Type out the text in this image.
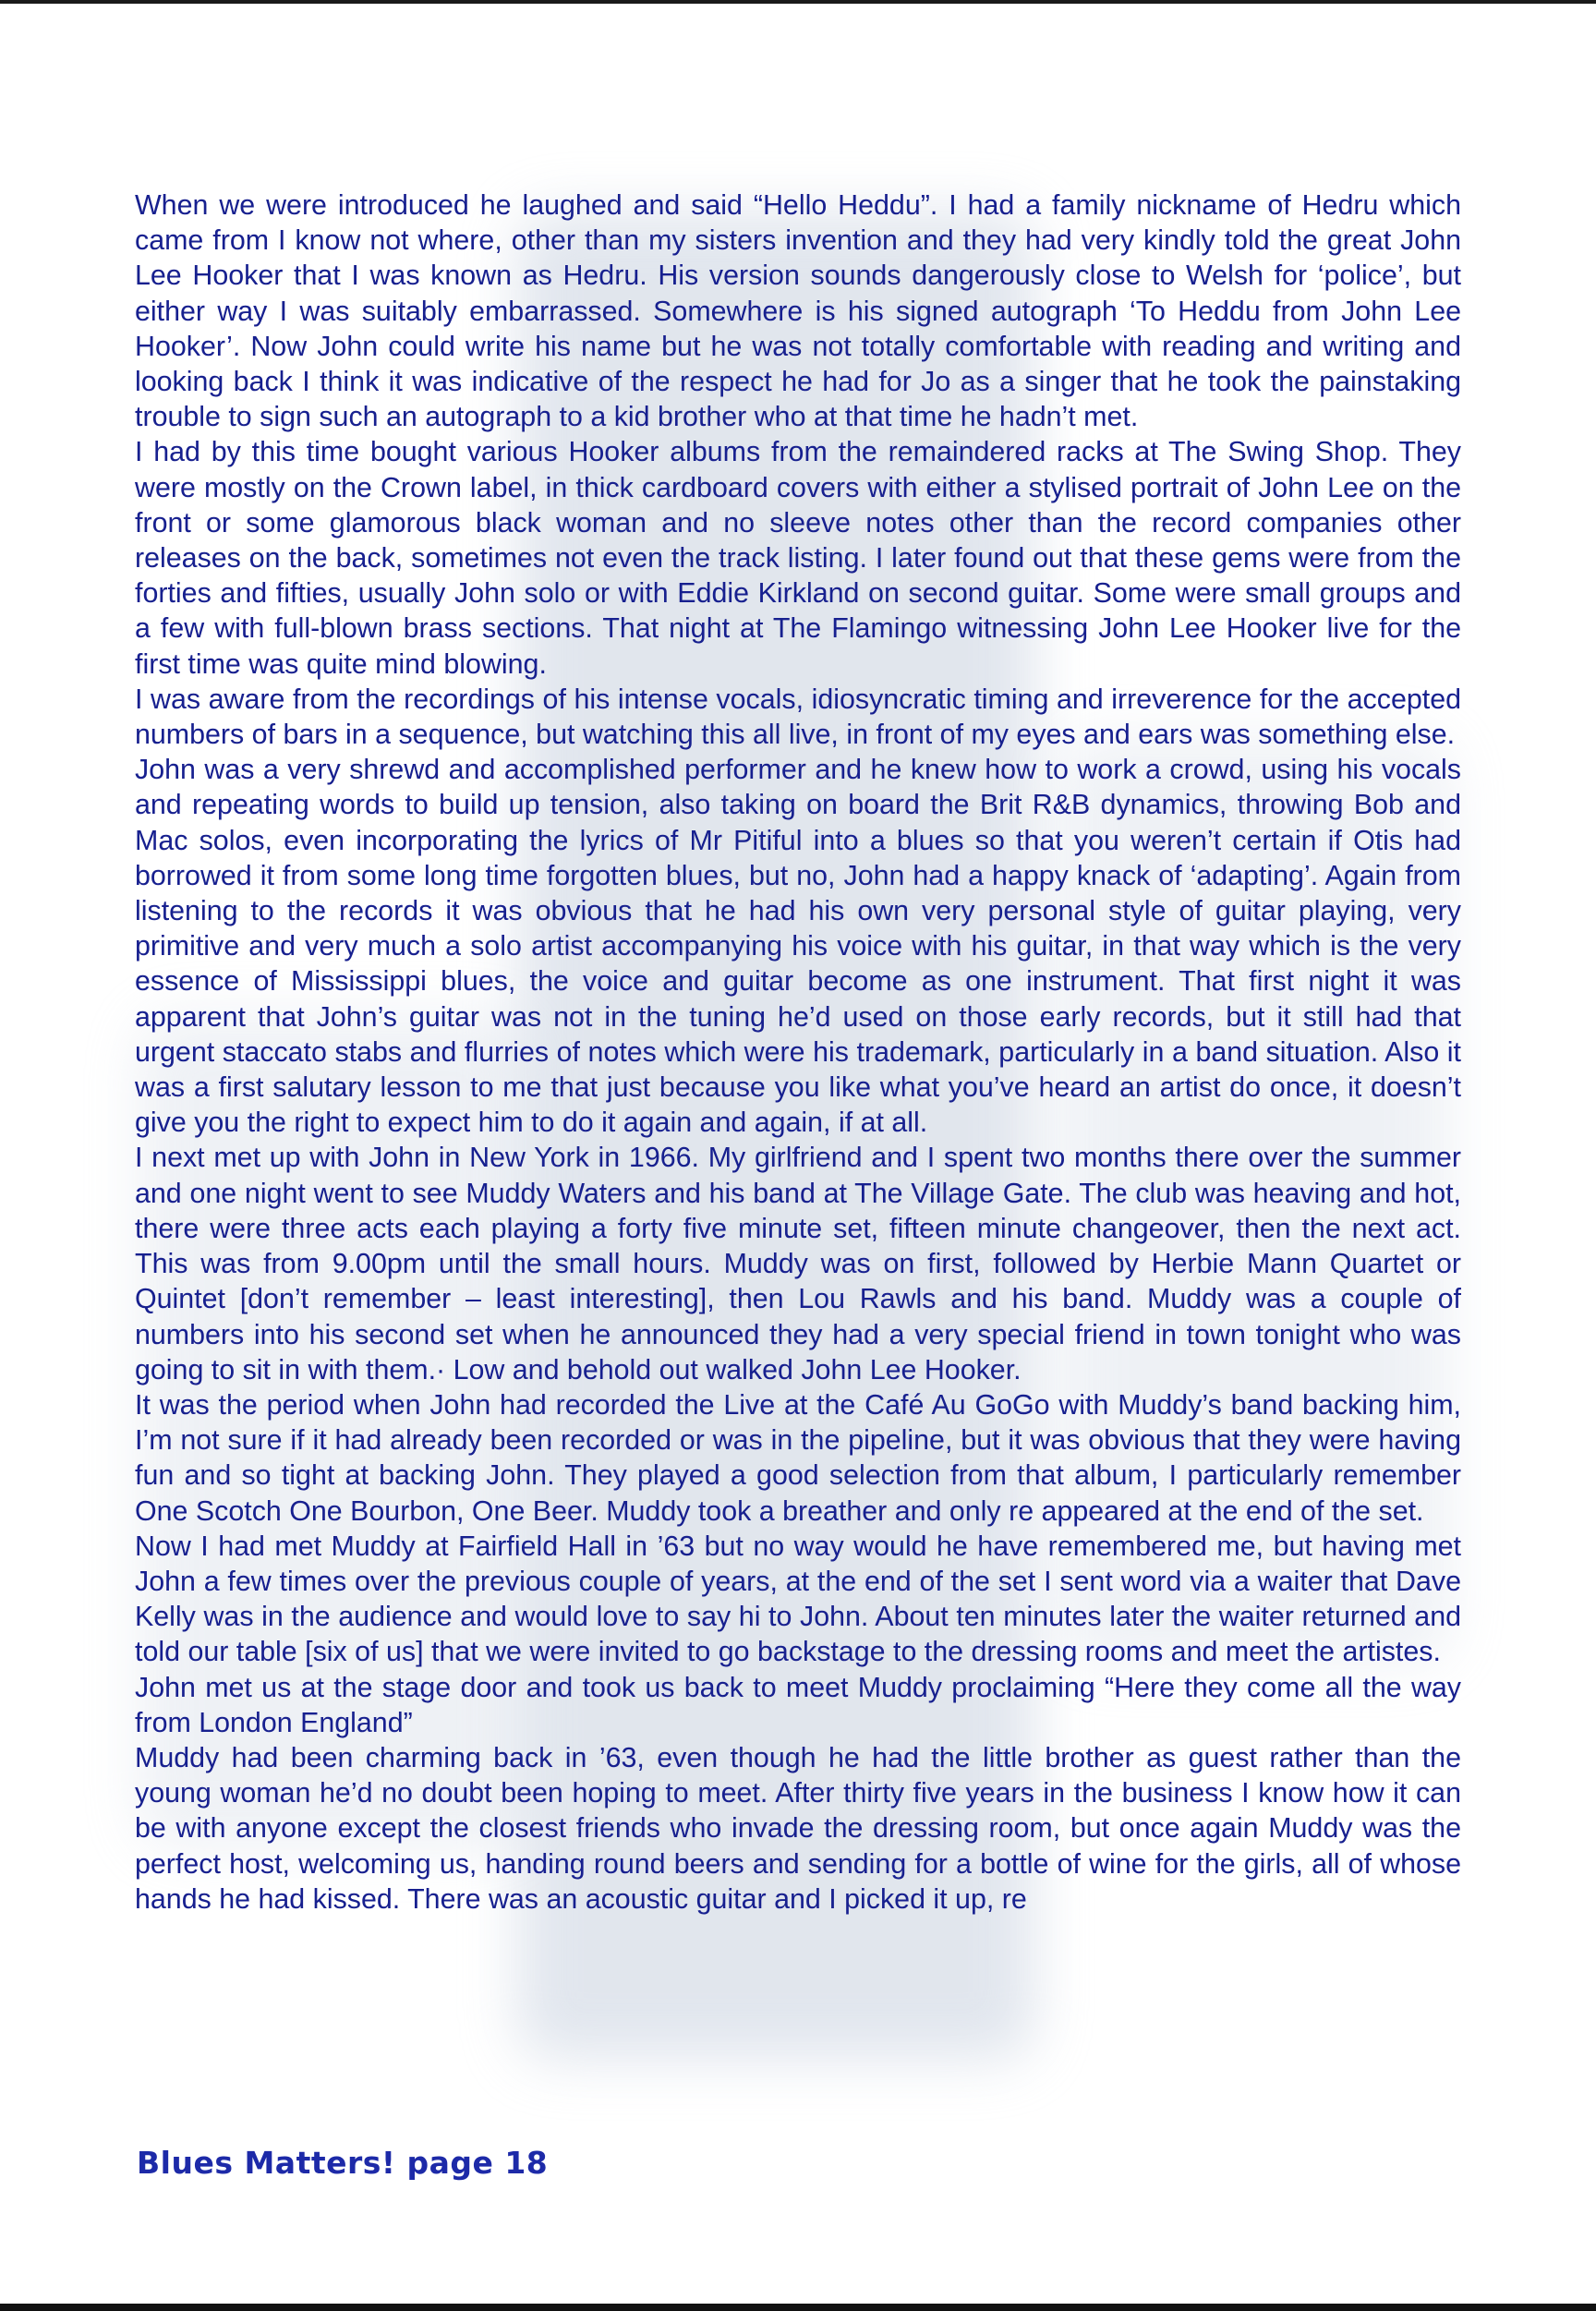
When we were introduced he laughed and said “Hello Heddu”. I had a family nickname of Hedru which came from I know not where, other than my sisters invention and they had very kindly told the great John Lee Hooker that I was known as Hedru. His version sounds dangerously close to Welsh for ‘police’, but either way I was suitably embarrassed. Somewhere is his signed autograph ‘To Heddu from John Lee Hooker’. Now John could write his name but he was not totally comfortable with reading and writing and looking back I think it was indicative of the respect he had for Jo as a singer that he took the painstaking trouble to sign such an autograph to a kid brother who at that time he hadn’t met.

I had by this time bought various Hooker albums from the remaindered racks at The Swing Shop. They were mostly on the Crown label, in thick cardboard covers with either a stylised portrait of John Lee on the front or some glamorous black woman and no sleeve notes other than the record companies other releases on the back, sometimes not even the track listing. I later found out that these gems were from the forties and fifties, usually John solo or with Eddie Kirkland on second guitar. Some were small groups and a few with full-blown brass sections. That night at The Flamingo witnessing John Lee Hooker live for the first time was quite mind blowing.

I was aware from the recordings of his intense vocals, idiosyncratic timing and irreverence for the accepted numbers of bars in a sequence, but watching this all live, in front of my eyes and ears was something else.

John was a very shrewd and accomplished performer and he knew how to work a crowd, using his vocals and repeating words to build up tension, also taking on board the Brit R&B dynamics, throwing Bob and Mac solos, even incorporating the lyrics of Mr Pitiful into a blues so that you weren’t certain if Otis had borrowed it from some long time forgotten blues, but no, John had a happy knack of ‘adapting’. Again from listening to the records it was obvious that he had his own very personal style of guitar playing, very primitive and very much a solo artist accompanying his voice with his guitar, in that way which is the very essence of Mississippi blues, the voice and guitar become as one instrument. That first night it was apparent that John’s guitar was not in the tuning he’d used on those early records, but it still had that urgent staccato stabs and flurries of notes which were his trademark, particularly in a band situation. Also it was a first salutary lesson to me that just because you like what you’ve heard an artist do once, it doesn’t give you the right to expect him to do it again and again, if at all.

I next met up with John in New York in 1966. My girlfriend and I spent two months there over the summer and one night went to see Muddy Waters and his band at The Village Gate. The club was heaving and hot, there were three acts each playing a forty five minute set, fifteen minute changeover, then the next act. This was from 9.00pm until the small hours. Muddy was on first, followed by Herbie Mann Quartet or Quintet [don’t remember – least interesting], then Lou Rawls and his band. Muddy was a couple of numbers into his second set when he announced they had a very special friend in town tonight who was going to sit in with them.· Low and behold out walked John Lee Hooker.

It was the period when John had recorded the Live at the Café Au GoGo with Muddy’s band backing him, I’m not sure if it had already been recorded or was in the pipeline, but it was obvious that they were having fun and so tight at backing John. They played a good selection from that album, I particularly remember One Scotch One Bourbon, One Beer. Muddy took a breather and only re appeared at the end of the set.

Now I had met Muddy at Fairfield Hall in ’63 but no way would he have remembered me, but having met John a few times over the previous couple of years, at the end of the set I sent word via a waiter that Dave Kelly was in the audience and would love to say hi to John. About ten minutes later the waiter returned and told our table [six of us] that we were invited to go backstage to the dressing rooms and meet the artistes.

John met us at the stage door and took us back to meet Muddy proclaiming “Here they come all the way from London England”

Muddy had been charming back in ’63, even though he had the little brother as guest rather than the young woman he’d no doubt been hoping to meet. After thirty five years in the business I know how it can be with anyone except the closest friends who invade the dressing room, but once again Muddy was the perfect host, welcoming us, handing round beers and sending for a bottle of wine for the girls, all of whose hands he had kissed. There was an acoustic guitar and I picked it up, re

Blues Matters! page 18
